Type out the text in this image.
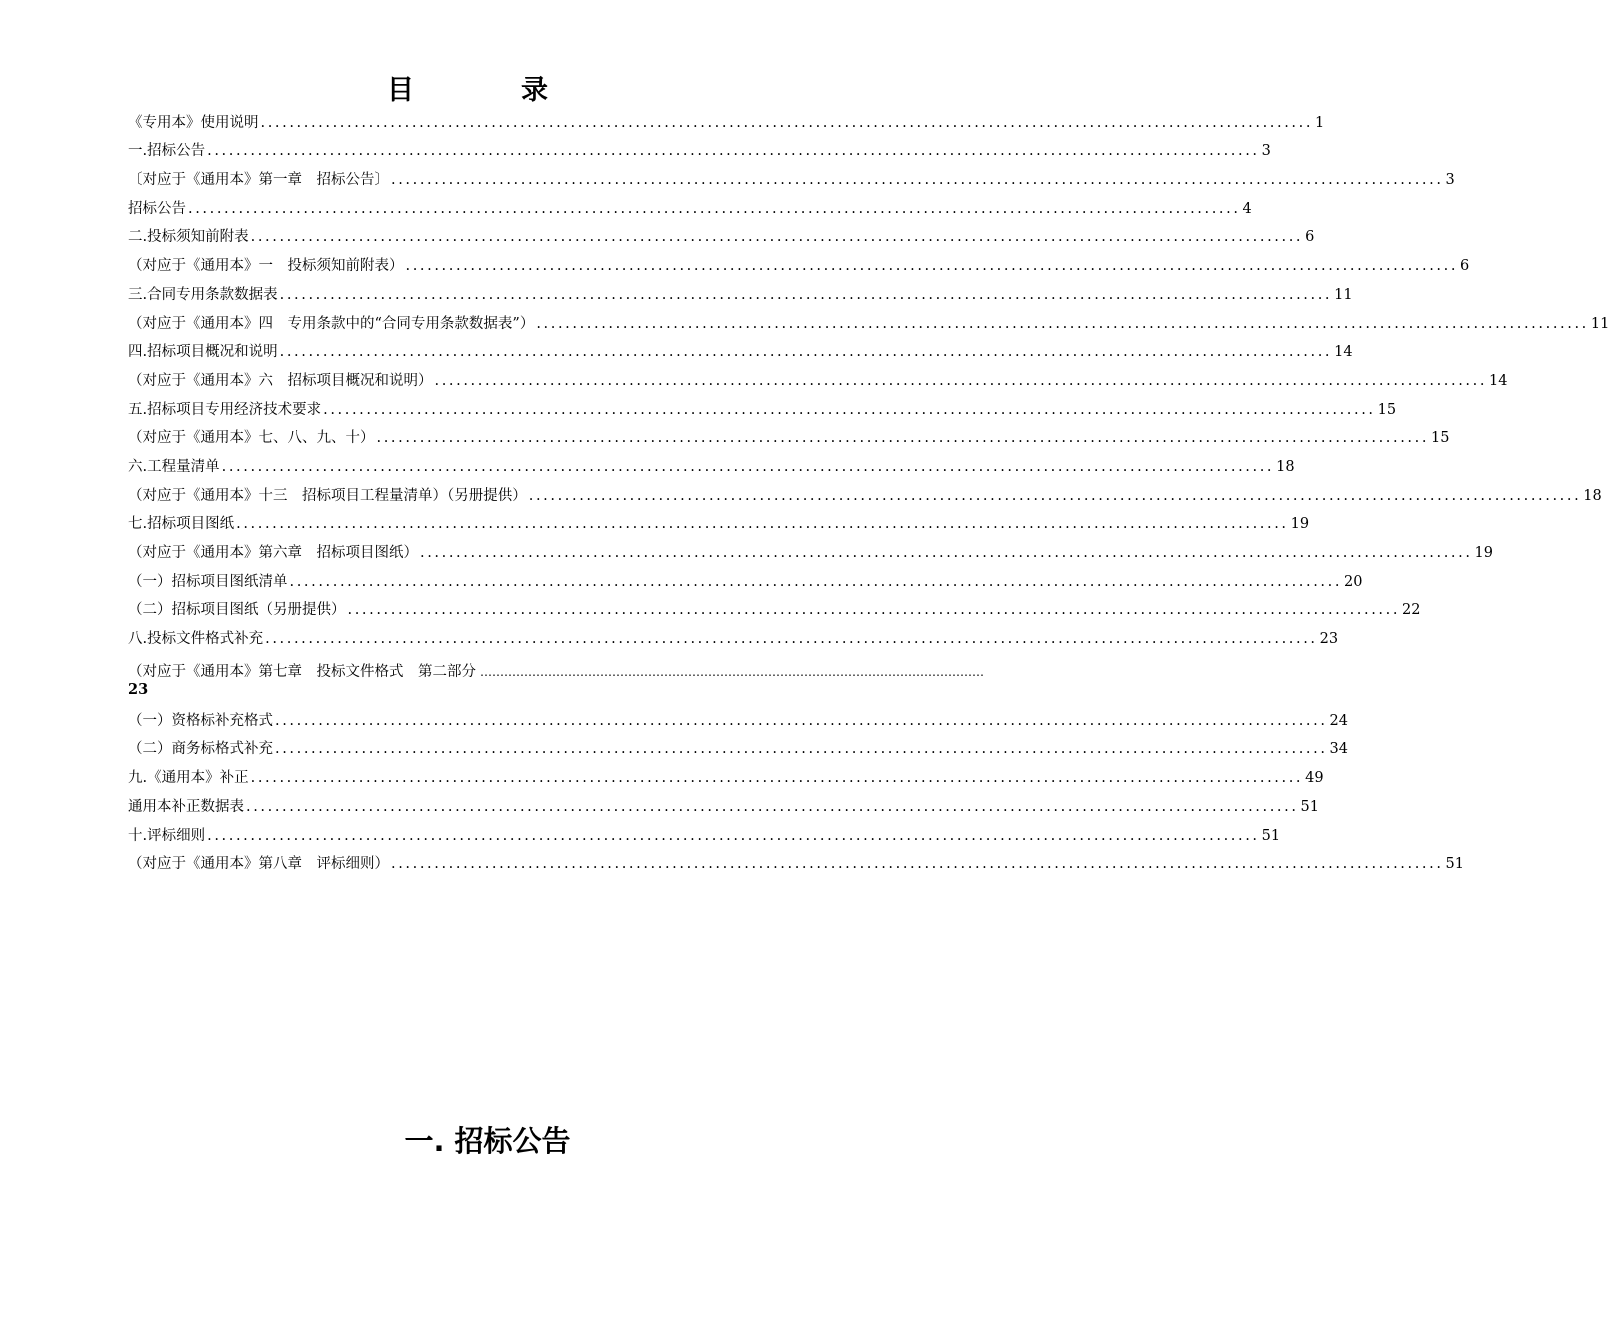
目　录
《专用本》使用说明 .................................................................................................................................................. 1
一. 招标公告 .................................................................................................................................................. 3
〔对应于《通用本》第一章　招标公告〕 .................................................................................................................................................. 3
招标公告 .................................................................................................................................................. 4
二. 投标须知前附表 .................................................................................................................................................. 6
（对应于《通用本》一　投标须知前附表） .................................................................................................................................................. 6
三. 合同专用条款数据表 .................................................................................................................................................. 11
（对应于《通用本》四　专用条款中的“合同专用条款数据表”） .................................................................................................................................................. 11
四. 招标项目概况和说明 .................................................................................................................................................. 14
（对应于《通用本》六　招标项目概况和说明） .................................................................................................................................................. 14
五. 招标项目专用经济技术要求 .................................................................................................................................................. 15
（对应于《通用本》七、八、九、十） .................................................................................................................................................. 15
六. 工程量清单 .................................................................................................................................................. 18
（对应于《通用本》十三　招标项目工程量清单）（另册提供） .................................................................................................................................................. 18
七. 招标项目图纸 .................................................................................................................................................. 19
（对应于《通用本》第六章　招标项目图纸） .................................................................................................................................................. 19
（一） 招标项目图纸清单 .................................................................................................................................................. 20
（二） 招标项目图纸（另册提供） .................................................................................................................................................. 22
八. 投标文件格式补充 .................................................................................................................................................. 23
（对应于《通用本》第七章　投标文件格式　第二部分 ………………………………………………………………………………………………………………
23
（一） 资格标补充格式 .................................................................................................................................................. 24
（二） 商务标格式补充 .................................................................................................................................................. 34
九. 《通用本》补正 .................................................................................................................................................. 49
通用本补正数据表 .................................................................................................................................................. 51
十. 评标细则 .................................................................................................................................................. 51
（对应于《通用本》第八章　评标细则） .................................................................................................................................................. 51
一. 招标公告
